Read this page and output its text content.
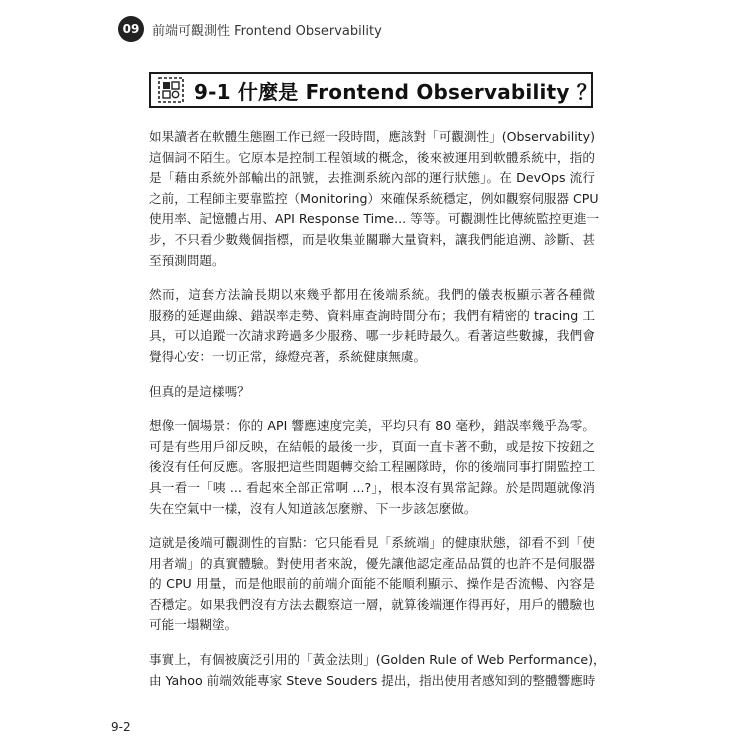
09 前端可觀測性 Frontend Observability
9-1 什麼是 Frontend Observability ？

如果讀者在軟體生態圈工作已經一段時間，應該對「可觀測性」(Observability)
這個詞不陌生。它原本是控制工程領域的概念，後來被運用到軟體系統中，指的
是「藉由系統外部輸出的訊號，去推測系統內部的運行狀態」。在 DevOps 流行
之前，工程師主要靠監控（Monitoring）來確保系統穩定，例如觀察伺服器 CPU
使用率、記憶體占用、API Response Time... 等等。可觀測性比傳統監控更進一
步，不只看少數幾個指標，而是收集並關聯大量資料，讓我們能追溯、診斷、甚
至預測問題。

然而，這套方法論長期以來幾乎都用在後端系統。我們的儀表板顯示著各種微
服務的延遲曲線、錯誤率走勢、資料庫查詢時間分布；我們有精密的 tracing 工
具，可以追蹤一次請求跨過多少服務、哪一步耗時最久。看著這些數據，我們會
覺得心安：一切正常，綠燈亮著，系統健康無虞。

但真的是這樣嗎？

想像一個場景：你的 API 響應速度完美，平均只有 80 毫秒，錯誤率幾乎為零。
可是有些用戶卻反映，在結帳的最後一步，頁面一直卡著不動，或是按下按鈕之
後沒有任何反應。客服把這些問題轉交給工程團隊時，你的後端同事打開監控工
具一看一「咦 ... 看起來全部正常啊 ...?」，根本沒有異常記錄。於是問題就像消
失在空氣中一樣，沒有人知道該怎麼辦、下一步該怎麼做。

這就是後端可觀測性的盲點：它只能看見「系統端」的健康狀態，卻看不到「使
用者端」的真實體驗。對使用者來說，優先讓他認定產品品質的也許不是伺服器
的 CPU 用量，而是他眼前的前端介面能不能順利顯示、操作是否流暢、內容是
否穩定。如果我們沒有方法去觀察這一層，就算後端運作得再好，用戶的體驗也
可能一塌糊塗。

事實上，有個被廣泛引用的「黃金法則」(Golden Rule of Web Performance)，
由 Yahoo 前端效能專家 Steve Souders 提出，指出使用者感知到的整體響應時

9-2
